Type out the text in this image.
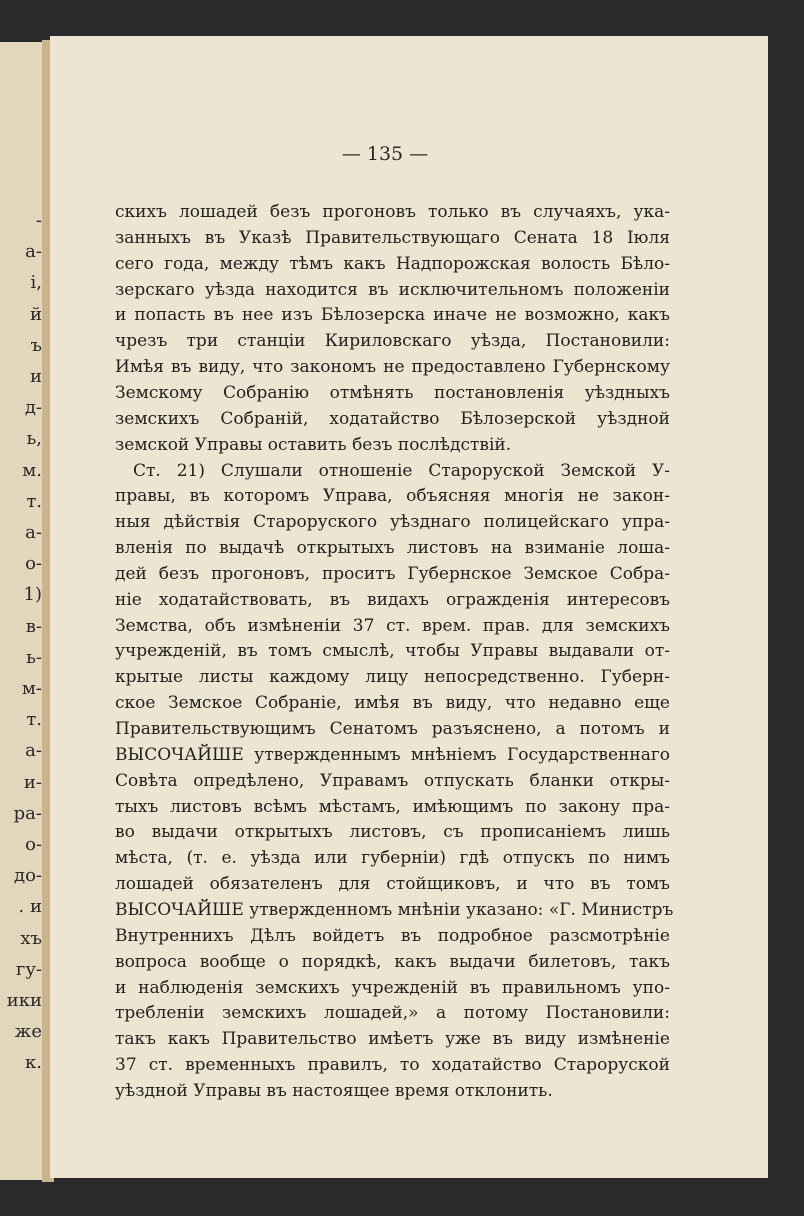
-
а-
і,
й
ъ
и
д-
ь,
м.
т.
а-
о-
1)
в-
ь-
м-
т.
а-
и-
ра-
о-
до-
. и
хъ
гу-
ики
же
к.
— 135 —
скихъ лошадей безъ прогоновъ только въ случаяхъ, ука-
занныхъ въ Указѣ Правительствующаго Сената 18 Іюля
сего года, между тѣмъ какъ Надпорожская волость Бѣло-
зерскаго уѣзда находится въ исключительномъ положеніи
и попасть въ нее изъ Бѣлозерска иначе не возможно, какъ
чрезъ три станціи Кириловскаго уѣзда, Постановили:
Имѣя въ виду, что закономъ не предоставлено Губернскому
Земскому Собранію отмѣнять постановленія уѣздныхъ
земскихъ Собраній, ходатайство Бѣлозерской уѣздной
земской Управы оставить безъ послѣдствій.
Ст. 21) Слушали отношеніе Староруской Земской У-
правы, въ которомъ Управа, объясняя многія не закон-
ныя дѣйствія Староруского уѣзднаго полицейскаго упра-
вленія по выдачѣ открытыхъ листовъ на взиманіе лоша-
дей безъ прогоновъ, проситъ Губернское Земское Собра-
ніе ходатайствовать, въ видахъ огражденія интересовъ
Земства, объ измѣненіи 37 ст. врем. прав. для земскихъ
учрежденій, въ томъ смыслѣ, чтобы Управы выдавали от-
крытые листы каждому лицу непосредственно. Губерн-
ское Земское Собраніе, имѣя въ виду, что недавно еще
Правительствующимъ Сенатомъ разъяснено, а потомъ и
ВЫСОЧАЙШЕ утвержденнымъ мнѣніемъ Государственнаго
Совѣта опредѣлено, Управамъ отпускать бланки откры-
тыхъ листовъ всѣмъ мѣстамъ, имѣющимъ по закону пра-
во выдачи открытыхъ листовъ, съ прописаніемъ лишь
мѣста, (т. е. уѣзда или губерніи) гдѣ отпускъ по нимъ
лошадей обязателенъ для стойщиковъ, и что въ томъ
ВЫСОЧАЙШЕ утвержденномъ мнѣніи указано: «Г. Министръ
Внутреннихъ Дѣлъ войдетъ въ подробное разсмотрѣніе
вопроса вообще о порядкѣ, какъ выдачи билетовъ, такъ
и наблюденія земскихъ учрежденій въ правильномъ упо-
требленіи земскихъ лошадей,» а потому Постановили:
такъ какъ Правительство имѣетъ уже въ виду измѣненіе
37 ст. временныхъ правилъ, то ходатайство Староруской
уѣздной Управы въ настоящее время отклонить.
